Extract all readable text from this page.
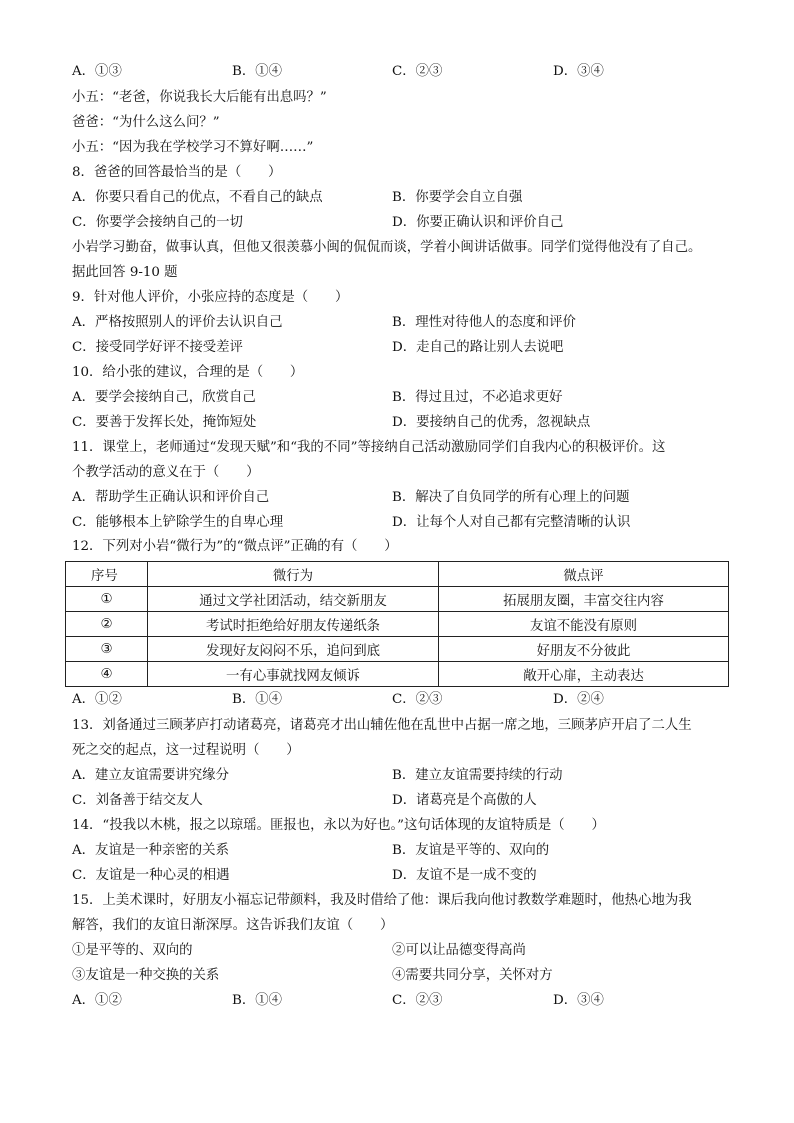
A．①③	B．①④	C．②③	D．③④
小五：“老爸，你说我长大后能有出息吗？”
爸爸：“为什么这么问？”
小五：“因为我在学校学习不算好啊……”
8．爸爸的回答最恰当的是（　　）
A．你要只看自己的优点，不看自己的缺点	B．你要学会自立自强
C．你要学会接纳自己的一切	D．你要正确认识和评价自己
小岩学习勤奋，做事认真，但他又很羡慕小闽的侃侃而谈，学着小闽讲话做事。同学们觉得他没有了自己。
据此回答 9-10 题
9．针对他人评价，小张应持的态度是（　　）
A．严格按照别人的评价去认识自己	B．理性对待他人的态度和评价
C．接受同学好评不接受差评	D．走自己的路让别人去说吧
10．给小张的建议，合理的是（　　）
A．要学会接纳自己，欣赏自己	B．得过且过，不必追求更好
C．要善于发挥长处，掩饰短处	D．要接纳自己的优秀，忽视缺点
11．课堂上，老师通过“发现天赋”和“我的不同”等接纳自己活动激励同学们自我内心的积极评价。这
个教学活动的意义在于（　　）
A．帮助学生正确认识和评价自己	B．解决了自负同学的所有心理上的问题
C．能够根本上铲除学生的自卑心理	D．让每个人对自己都有完整清晰的认识
12．下列对小岩“微行为”的“微点评”正确的有（　　）
序号	微行为	微点评
①	通过文学社团活动，结交新朋友	拓展朋友圈，丰富交往内容
②	考试时拒绝给好朋友传递纸条	友谊不能没有原则
③	发现好友闷闷不乐，追问到底	好朋友不分彼此
④	一有心事就找网友倾诉	敞开心扉，主动表达
A．①②	B．①④	C．②③	D．②④
13．刘备通过三顾茅庐打动诸葛亮，诸葛亮才出山辅佐他在乱世中占据一席之地，三顾茅庐开启了二人生
死之交的起点，这一过程说明（　　）
A．建立友谊需要讲究缘分	B．建立友谊需要持续的行动
C．刘备善于结交友人	D．诸葛亮是个高傲的人
14．“投我以木桃，报之以琼瑶。匪报也，永以为好也。”这句话体现的友谊特质是（　　）
A．友谊是一种亲密的关系	B．友谊是平等的、双向的
C．友谊是一种心灵的相遇	D．友谊不是一成不变的
15．上美术课时，好朋友小福忘记带颜料，我及时借给了他：课后我向他讨教数学难题时，他热心地为我
解答，我们的友谊日渐深厚。这告诉我们友谊（　　）
①是平等的、双向的	②可以让品德变得高尚
③友谊是一种交换的关系	④需要共同分享，关怀对方
A．①②	B．①④	C．②③	D．③④
